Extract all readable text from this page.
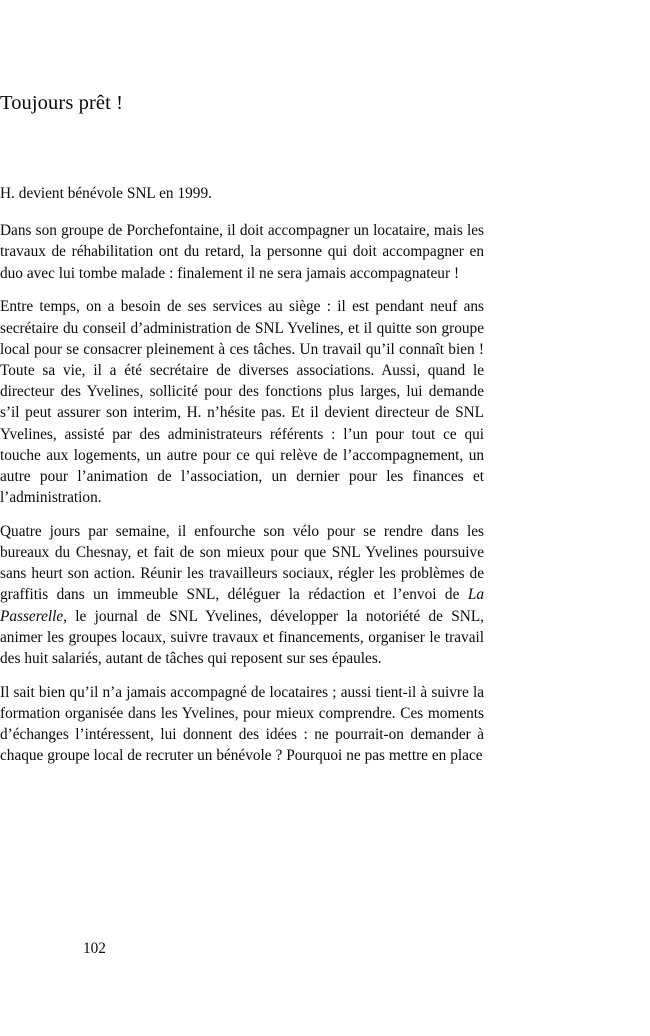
Toujours prêt !

H. devient bénévole SNL en 1999.

Dans son groupe de Porchefontaine, il doit accompagner un locataire, mais les travaux de réhabilitation ont du retard, la personne qui doit accompagner en duo avec lui tombe malade : finalement il ne sera jamais accompagnateur !

Entre temps, on a besoin de ses services au siège : il est pendant neuf ans secrétaire du conseil d’administration de SNL Yvelines, et il quitte son groupe local pour se consacrer pleinement à ces tâches. Un travail qu’il connaît bien ! Toute sa vie, il a été secrétaire de diverses associations. Aussi, quand le directeur des Yvelines, sollicité pour des fonctions plus larges, lui demande s’il peut assurer son interim, H. n’hésite pas. Et il devient directeur de SNL Yvelines, assisté par des administrateurs référents : l’un pour tout ce qui touche aux logements, un autre pour ce qui relève de l’accompagnement, un autre pour l’animation de l’association, un dernier pour les finances et l’administration.

Quatre jours par semaine, il enfourche son vélo pour se rendre dans les bureaux du Chesnay, et fait de son mieux pour que SNL Yvelines poursuive sans heurt son action. Réunir les travailleurs sociaux, régler les problèmes de graffitis dans un immeuble SNL, déléguer la rédaction et l’envoi de La Passerelle, le journal de SNL Yvelines, développer la notoriété de SNL, animer les groupes locaux, suivre travaux et financements, organiser le travail des huit salariés, autant de tâches qui reposent sur ses épaules.

Il sait bien qu’il n’a jamais accompagné de locataires ; aussi tient-il à suivre la formation organisée dans les Yvelines, pour mieux comprendre. Ces moments d’échanges l’intéressent, lui donnent des idées : ne pourrait-on demander à chaque groupe local de recruter un bénévole ? Pourquoi ne pas mettre en place

102
